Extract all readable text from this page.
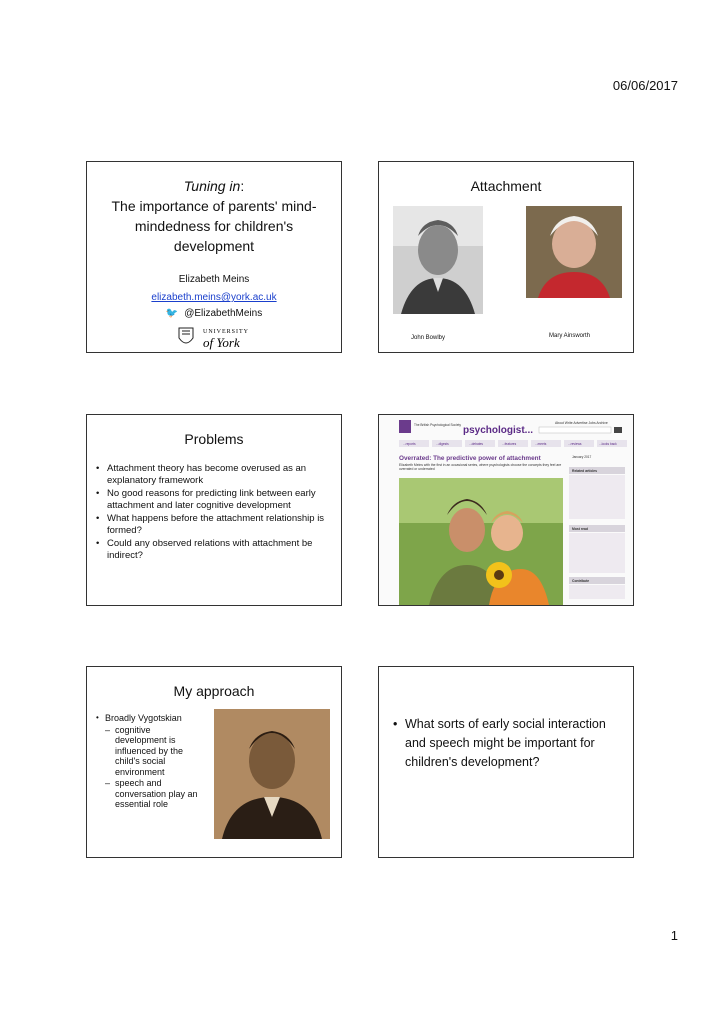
06/06/2017
Tuning in:
The importance of parents' mind-mindedness for children's development
Elizabeth Meins
elizabeth.meins@york.ac.uk
🐦 @ElizabethMeins
UNIVERSITY
of York
Attachment
John Bowlby	Mary Ainsworth
Problems
• Attachment theory has become overused as an explanatory framework
• No good reasons for predicting link between early attachment and later cognitive development
• What happens before the attachment relationship is formed?
• Could any observed relations with attachment be indirect?
About Write Advertise Jobs Archive
The British Psychological Society psychologist...
...reports	...digests	...debates	...features	...meets	...reviews	...looks back
Overrated: The predictive power of attachment
Elizabeth Meins with the first in an occasional series, where psychologists choose the concepts they feel are overrated or underrated
January 2017
Related articles
Most read
Contribute
My approach
• Broadly Vygotskian
– cognitive development is influenced by the child's social environment
– speech and conversation play an essential role
• What sorts of early social interaction and speech might be important for children's development?
1
